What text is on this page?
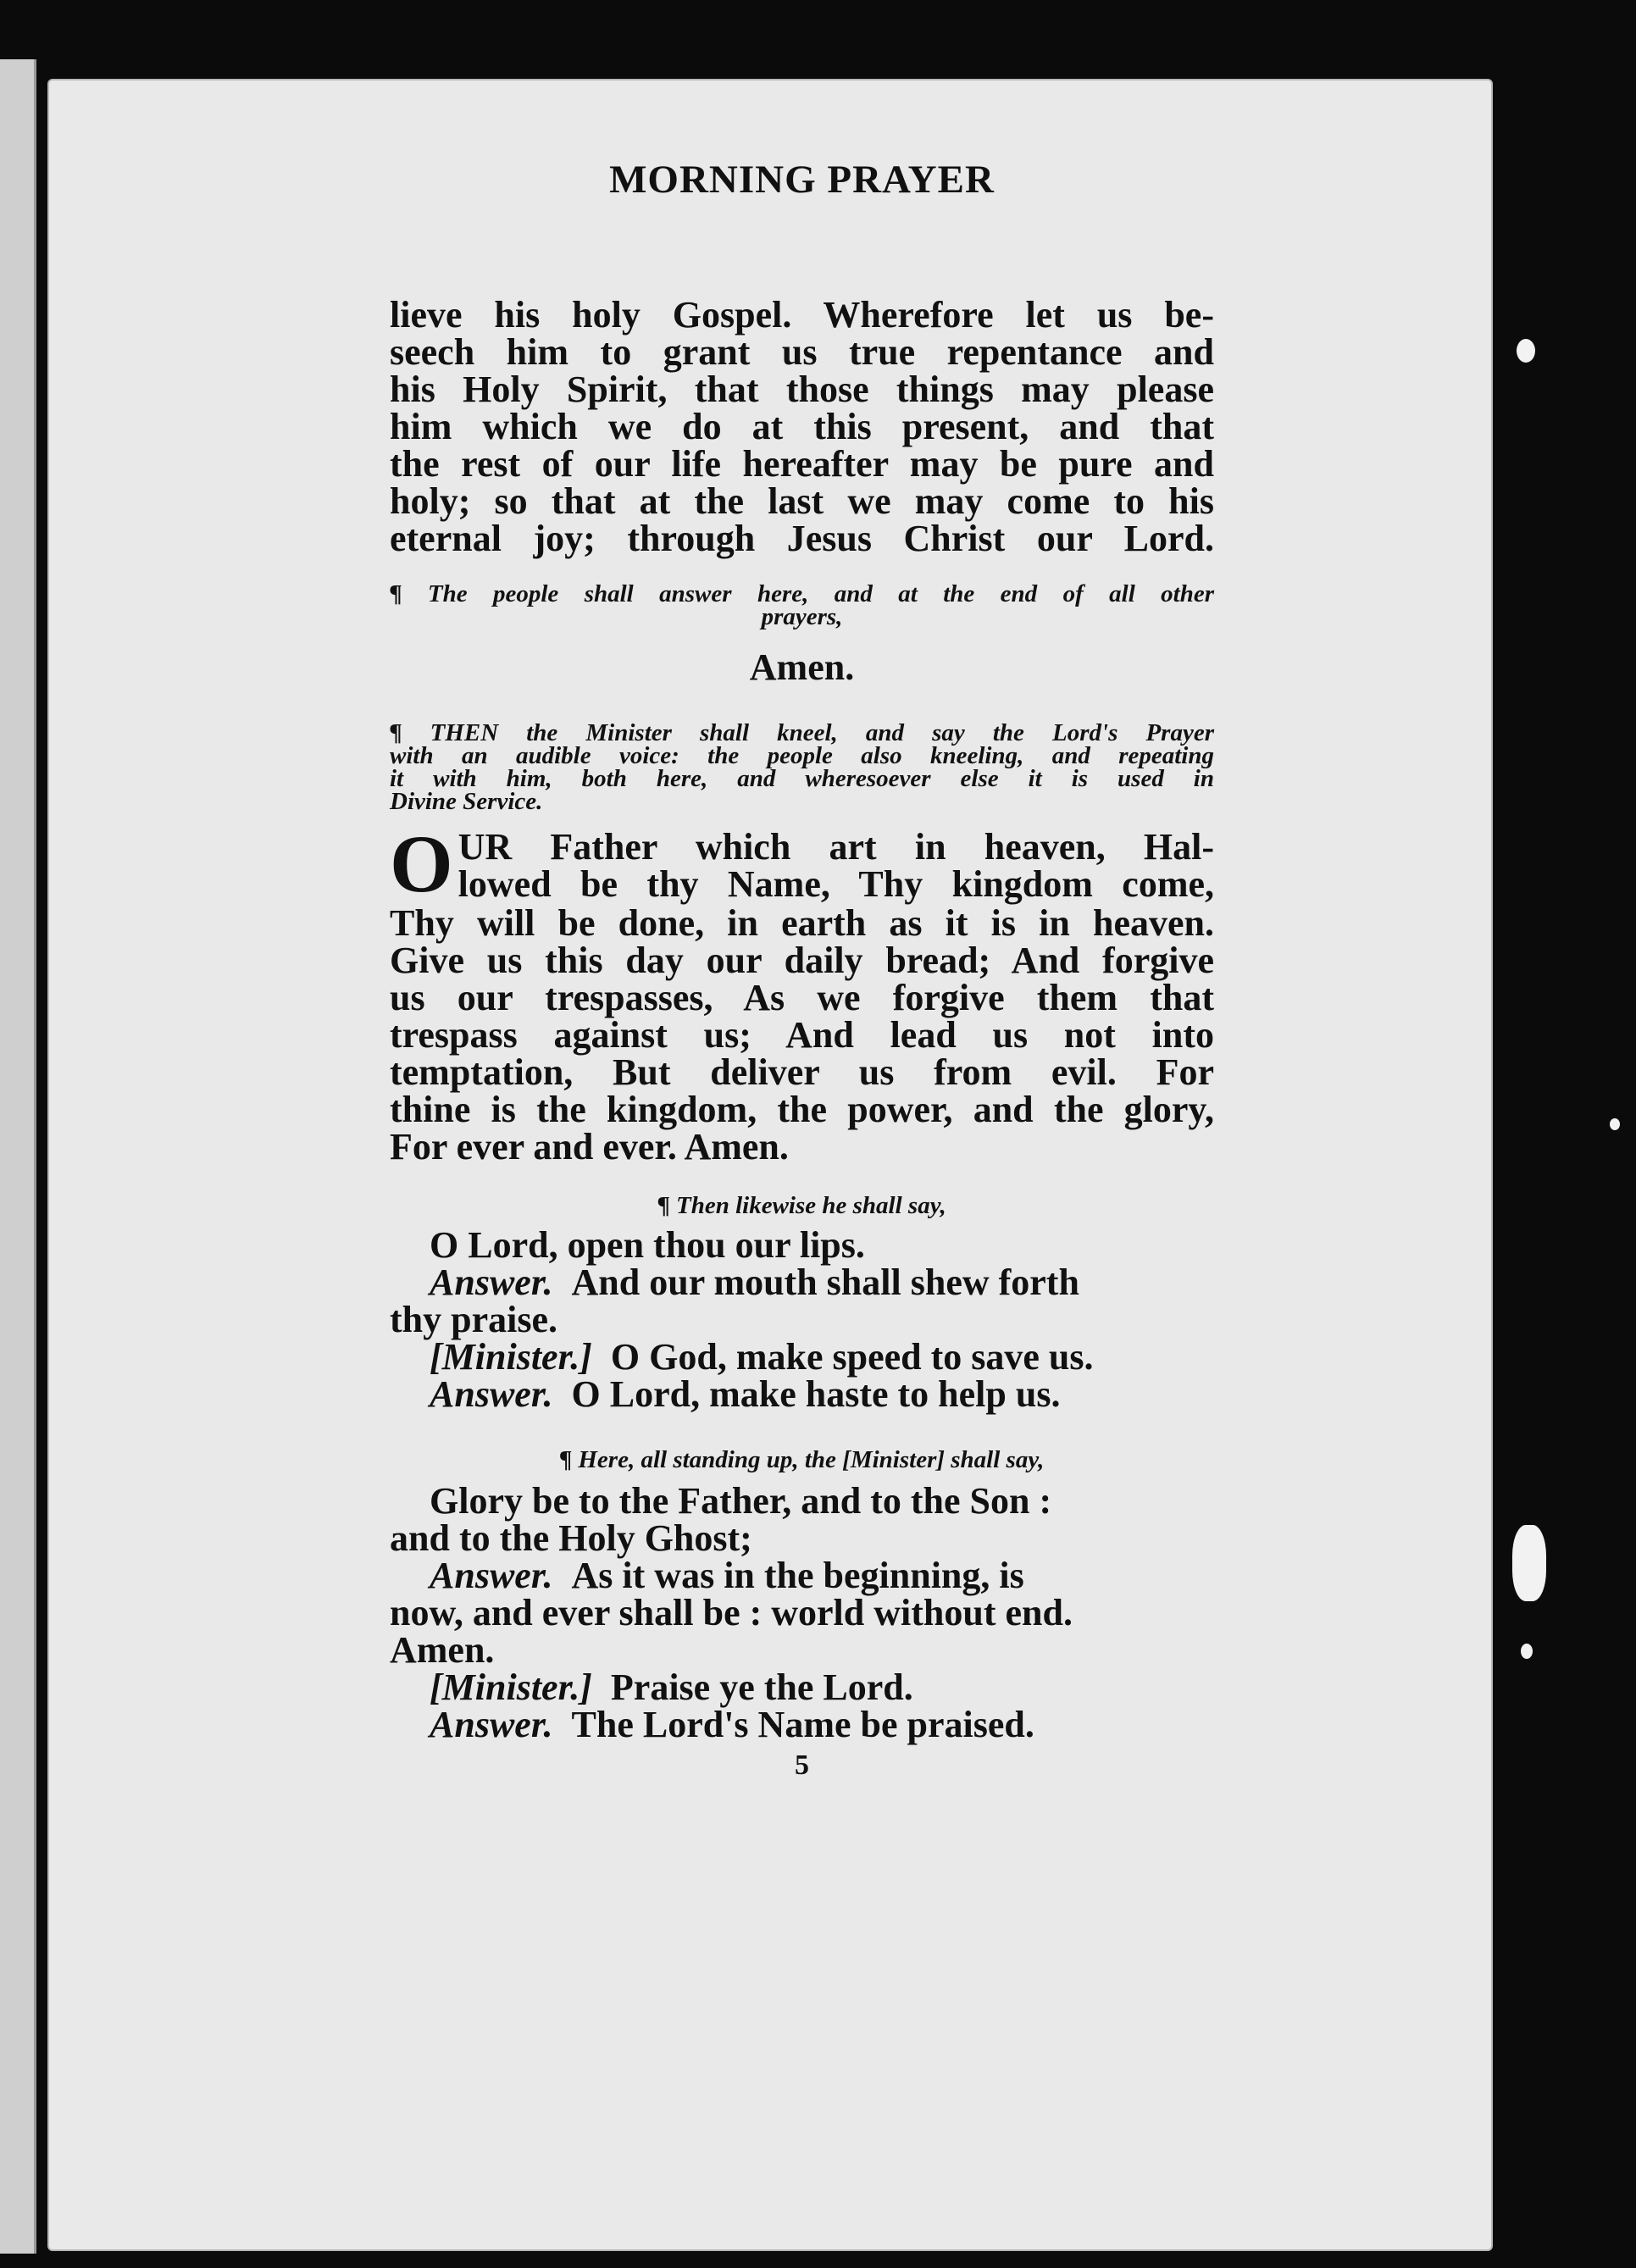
MORNING PRAYER
lieve his holy Gospel. Wherefore let us be-
seech him to grant us true repentance and
his Holy Spirit, that those things may please
him which we do at this present, and that
the rest of our life hereafter may be pure and
holy; so that at the last we may come to his
eternal joy; through Jesus Christ our Lord.
¶ The people shall answer here, and at the end of all other
prayers,
Amen.
¶ THEN the Minister shall kneel, and say the Lord's Prayer
with an audible voice: the people also kneeling, and repeating
it with him, both here, and wheresoever else it is used in
Divine Service.
O UR Father which art in heaven, Hal-
lowed be thy Name, Thy kingdom come,
Thy will be done, in earth as it is in heaven.
Give us this day our daily bread; And forgive
us our trespasses, As we forgive them that
trespass against us; And lead us not into
temptation, But deliver us from evil. For
thine is the kingdom, the power, and the glory,
For ever and ever. Amen.
¶ Then likewise he shall say,
O Lord, open thou our lips.
Answer. And our mouth shall shew forth
thy praise.
[Minister.] O God, make speed to save us.
Answer. O Lord, make haste to help us.
¶ Here, all standing up, the [Minister] shall say,
Glory be to the Father, and to the Son :
and to the Holy Ghost;
Answer. As it was in the beginning, is
now, and ever shall be : world without end.
Amen.
[Minister.] Praise ye the Lord.
Answer. The Lord's Name be praised.
5
